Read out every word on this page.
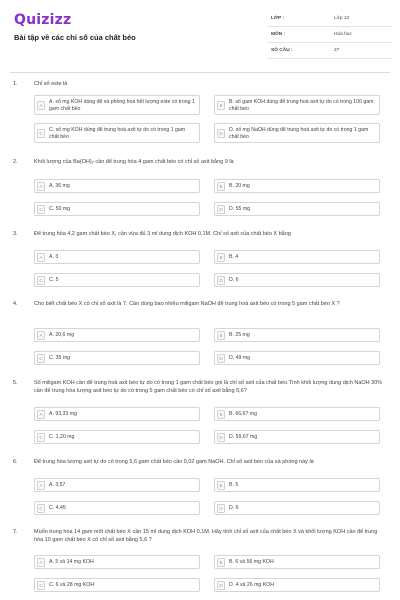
Quizizz
Bài tập về các chỉ số của chất béo
LỚP :	Lớp 12
MÔN :	Hóa học
SỐ CÂU :	27
1.	Chỉ số este là
A
A. số mg KOH dùng để xà phòng hoá hết lượng este có trong 1 gam chất béo
B
B. số gam KOH dùng để trung hoà axit tự do có trong 100 gam chất béo
C
C. số mg KOH dùng để trung hoà axit tự do có trong 1 gam chất béo
D
D. số mg NaOH dùng để trung hoà axit tự do có trong 1 gam chất béo
2.	Khối lượng của Ba(OH)₂ cần để trung hòa 4 gam chất béo có chỉ số axit bằng 9 là
A	A. 36 mg	B	B. 20 mg
C	C. 50 mg	D	D. 55 mg
3.	Để trung hòa 4,2 gam chất béo X, cần vừa đủ 3 ml dung dịch KOH 0,1M. Chỉ số axit của chất béo X bằng
A	A. 3	B	B. 4
C	C. 5	D	D. 6
4.	Cho biết chất béo X có chỉ số axit là 7. Cần dùng bao nhiêu miligam NaOH để trung hoà axit béo có trong 5 gam chất béo X ?
A	A. 20,6 mg	B	B. 25 mg
C	C. 35 mg	D	D. 49 mg
5.	Số miligam KOH cần để trung hoà axit béo tự do có trong 1 gam chất béo gọi là chỉ số axit của chất béo.Tính khối lượng dung dịch NaOH 30% cần để trung hòa lượng axit béo tự do có trong 5 gam chất béo có chỉ số axit bằng 5,6?
A	A. 93,33 mg	B	B. 66,67 mg
C	C. 1,20 mg	D	D. 59,67 mg
6.	Để trung hòa lượng axit tự do có trong 5,6 gam chất béo cần 0,02 gam NaOH. Chỉ số axit béo của xà phòng này là
A	A. 3,57	B	B. 5
C	C. 4,45	D	D. 6
7.	Muốn trung hòa 14 gam một chất béo X cần 15 ml dung dịch KOH 0,1M. Hãy tính chỉ số axit của chất béo X và khối lượng KOH cần để trung hòa 10 gam chất béo X có chỉ số axit bằng 5,6 ?
A	A. 5 và 14 mg KOH	B	B. 6 và 56 mg KOH
C	C. 6 và 28 mg KOH	D	D. 4 và 26 mg KOH
